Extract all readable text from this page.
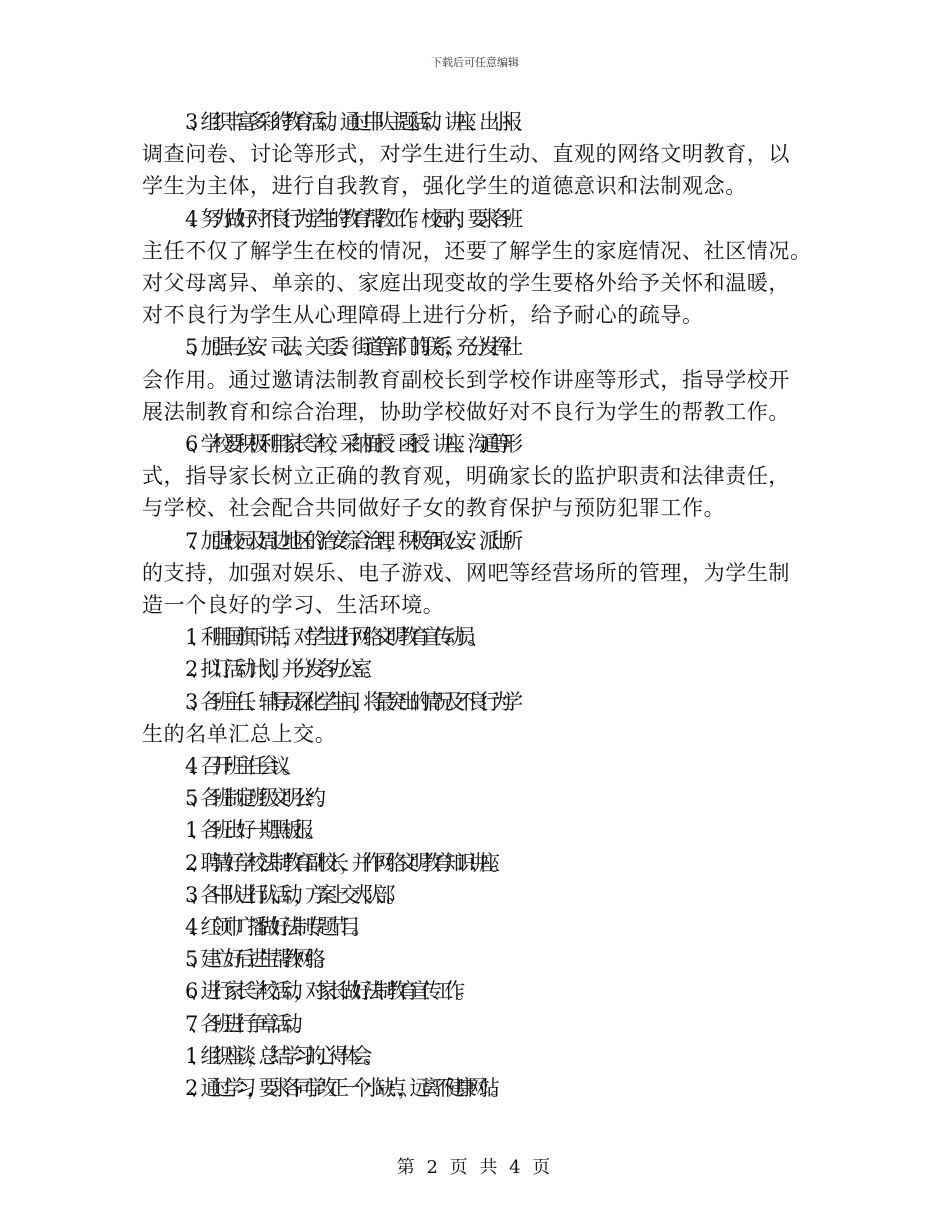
下载后可任意编辑
3、组织丰富多彩的教育活动。通过中队主题活动、讲座、出小报、
调查问卷、讨论等形式，对学生进行生动、直观的网络文明教育，以
学生为主体，进行自我教育，强化学生的道德意识和法制观念。
4、努力做好对不良行为学生的教育帮教工作。校园内，要求各班
主任不仅了解学生在校的情况，还要了解学生的家庭情况、社区情况。
对父母离异、单亲的、家庭出现变故的学生要格外给予关怀和温暖，
对不良行为学生从心理障碍上进行分析，给予耐心的疏导。
5、加强与公安、司法、关工委、街道等部门的联系，充分发挥社
会作用。通过邀请法制教育副校长到学校作讲座等形式，指导学校开
展法制教育和综合治理，协助学校做好对不良行为学生的帮教工作。
6、学校要积极利用家长学校，采纳面授、函授、讲座、沟通等形
式，指导家长树立正确的教育观，明确家长的监护职责和法律责任，
与学校、社会配合共同做好子女的教育保护与预防犯罪工作。
7、加强校园及周边地区的治安综合治理，积极争取公安、派出所
的支持，加强对娱乐、电子游戏、网吧等经营场所的管理，为学生制
造一个良好的学习、生活环境。
1、利用国旗下讲话，对学生进行网络文明教育宣传动员。
2、拟订活动计划，并分发各办公室。
3、各班主任、辅导员深化学生间，将最突出的情况及不良行为学
生的名单汇总上交。
4、召开班主任会议。
5、各班制定班级文明公约。
1、各班出好一期黑板报。
2、聘请好学校法制教育副校长，并作网络文明教育知识讲座。
3、各中队进行队活动，方案上交大队部。
4、红领巾广播做好法制专题节目。
5、建立好后进生帮教网络。
6、进行家长学校活动，对家长做好法制教育宣传工作。
7、各班进行争章活动。
1、组织座谈，总结学习的心得体会。
2、通过学习，要求各同学改正一个小缺点，远离不健康网站。
第 2 页 共 4 页
